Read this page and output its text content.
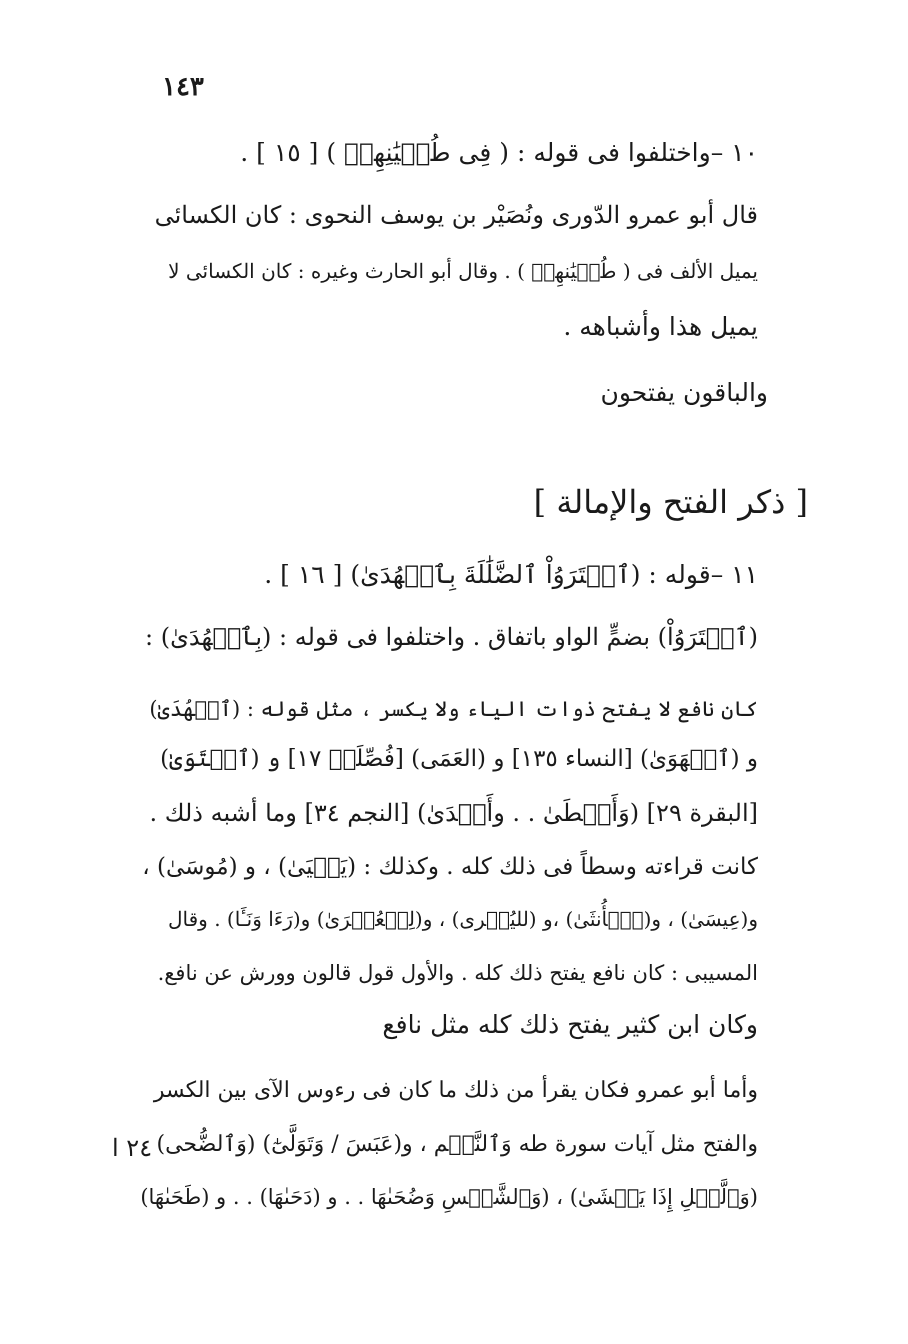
١٤٣
١٠ –واختلفوا فى قوله : ( فِى طُغۡيَٰنِهِمۡ ) [ ١٥ ] .
قال أبو عمرو الدّورى ونُصَيْر بن يوسف النحوى : كان الكسائى
يميل الألف فى ( طُغۡيَٰنهِمۡ ) . وقال أبو الحارث وغيره : كان الكسائى لا
يميل هذا وأشباهه .
والباقون يفتحون
[ ذكر الفتح والإمالة ]
١١ –قوله : (ٱشۡتَرَوُاْ ٱلضَّلَٰلَةَ بِٱلۡهُدَىٰ) [ ١٦ ] .
(ٱشۡتَرَوُاْ) بضمٍّ الواو باتفاق . واختلفوا فى قوله : (بِٱلۡهُدَىٰ) :
كان نافع لا يفتح ذوات الياء ولا يكسر ، مثل قوله : (ٱلۡهُدَىٰ)
و (ٱلۡهَوَىٰ) [النساء ١٣٥] و (العَمَى) [فُصِّلَتۡ ١٧] و (ٱسۡتَوَىٰ)
[البقرة ٢٩] (وَأَعۡطَىٰ . . وأَكۡدَىٰ) [النجم ٣٤] وما أشبه ذلك .
كانت قراءته وسطاً فى ذلك كله . وكذلك : (يَحۡيَىٰ) ، و (مُوسَىٰ) ،
و(عِيسَىٰ) ، و(ٱلۡأُنثَىٰ) ،و (لليُسۡرى) ، و(لِلۡعُسۡرَىٰ) و(رَءَا وَنَـَٔا) . وقال
المسيبى : كان نافع يفتح ذلك كله . والأول قول قالون وورش عن نافع.
وكان ابن كثير يفتح ذلك كله مثل نافع
وأما أبو عمرو فكان يقرأ من ذلك ما كان فى رءوس الآى بين الكسر
والفتح مثل آيات سورة طه وَٱلنَّجۡم ، و(عَبَسَ / وَتَوَلَّىٰٓ) (وَٱلضُّحى)
(وَٱلَّيۡلِ إِذَا يَغۡشَىٰ) ، (وَٱلشَّمۡسِ وَضُحَىٰهَا . . و (دَحَىٰهَا) . . و (طَحَىٰهَا)
٢٤ ا
